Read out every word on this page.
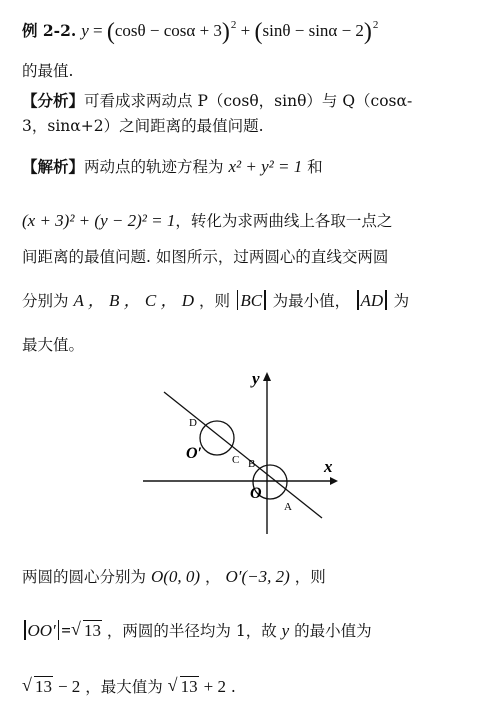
例 2-2. $y = (\cos\theta - \cos\alpha + 3)^2 + (\sin\theta - \sin\alpha - 2)^2$
的最值.
【分析】可看成求两动点 P（cosθ，sinθ）与 Q（cosα-
3，sinα+2）之间距离的最值问题.
【解析】两动点的轨迹方程为 x² + y² = 1 和
(x + 3)² + (y − 2)² = 1，转化为求两曲线上各取一点之
间距离的最值问题. 如图所示，过两圆心的直线交两圆
分别为 A ， B ， C ， D ，则 BC 为最小值， AD 为
最大值。
x
y
D
O′	C B
O
A
两圆的圆心分别为 O(0, 0) ， O′(−3, 2) ，则
OO′ = √ 13 ，两圆的半径均为 1，故 y 的最小值为
√ 13 − 2 ，最大值为 √ 13 + 2 .
